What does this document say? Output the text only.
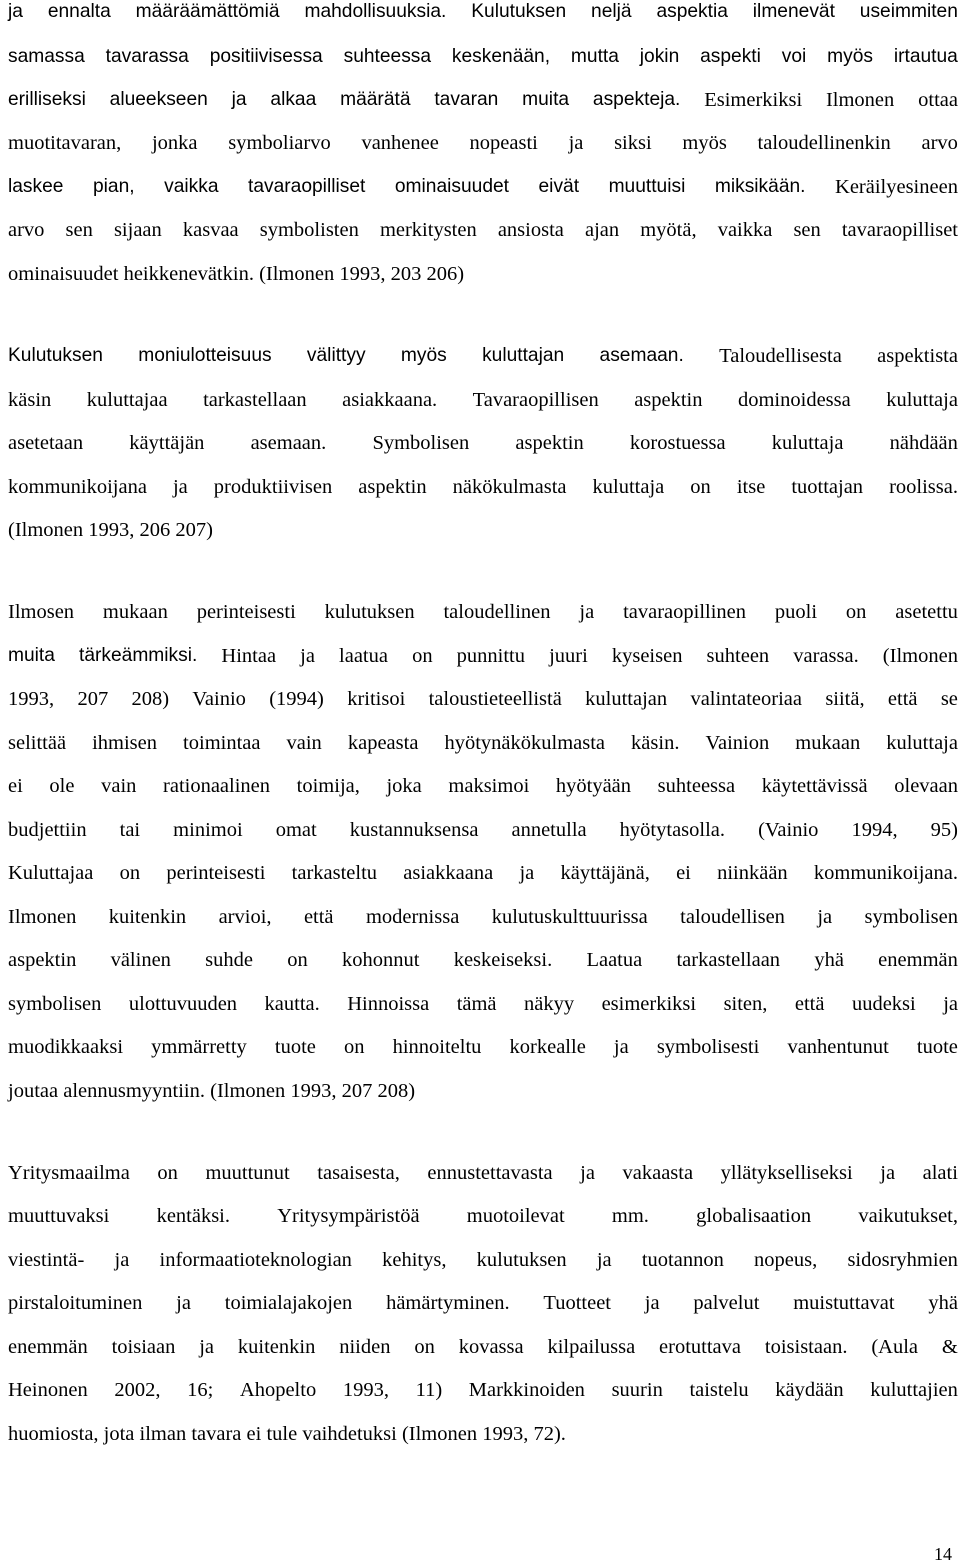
ja ennalta määräämättömiä mahdollisuuksia. Kulutuksen neljä aspektia ilmenevät useimmiten
samassa tavarassa positiivisessa suhteessa keskenään, mutta jokin aspekti voi myös irtautua
erilliseksi alueekseen ja alkaa määrätä tavaran muita aspekteja. Esimerkiksi Ilmonen ottaa
muotitavaran, jonka symboliarvo vanhenee nopeasti ja siksi myös taloudellinenkin arvo
laskee pian, vaikka tavaraopilliset ominaisuudet eivät muuttuisi miksikään. Keräilyesineen
arvo sen sijaan kasvaa symbolisten merkitysten ansiosta ajan myötä, vaikka sen tavaraopilliset
ominaisuudet heikkenevätkin. (Ilmonen 1993, 203 206)
Kulutuksen moniulotteisuus välittyy myös kuluttajan asemaan. Taloudellisesta aspektista
käsin kuluttajaa tarkastellaan asiakkaana. Tavaraopillisen aspektin dominoidessa kuluttaja
asetetaan käyttäjän asemaan. Symbolisen aspektin korostuessa kuluttaja nähdään
kommunikoijana ja produktiivisen aspektin näkökulmasta kuluttaja on itse tuottajan roolissa.
(Ilmonen 1993, 206 207)
Ilmosen mukaan perinteisesti kulutuksen taloudellinen ja tavaraopillinen puoli on asetettu
muita tärkeämmiksi. Hintaa ja laatua on punnittu juuri kyseisen suhteen varassa. (Ilmonen
1993, 207 208) Vainio (1994) kritisoi taloustieteellistä kuluttajan valintateoriaa siitä, että se
selittää ihmisen toimintaa vain kapeasta hyötynäkökulmasta käsin. Vainion mukaan kuluttaja
ei ole vain rationaalinen toimija, joka maksimoi hyötyään suhteessa käytettävissä olevaan
budjettiin tai minimoi omat kustannuksensa annetulla hyötytasolla. (Vainio 1994, 95)
Kuluttajaa on perinteisesti tarkasteltu asiakkaana ja käyttäjänä, ei niinkään kommunikoijana.
Ilmonen kuitenkin arvioi, että modernissa kulutuskulttuurissa taloudellisen ja symbolisen
aspektin välinen suhde on kohonnut keskeiseksi. Laatua tarkastellaan yhä enemmän
symbolisen ulottuvuuden kautta. Hinnoissa tämä näkyy esimerkiksi siten, että uudeksi ja
muodikkaaksi ymmärretty tuote on hinnoiteltu korkealle ja symbolisesti vanhentunut tuote
joutaa alennusmyyntiin. (Ilmonen 1993, 207 208)
Yritysmaailma on muuttunut tasaisesta, ennustettavasta ja vakaasta yllätykselliseksi ja alati
muuttuvaksi kentäksi. Yritysympäristöä muotoilevat mm. globalisaation vaikutukset,
viestintä- ja informaatioteknologian kehitys, kulutuksen ja tuotannon nopeus, sidosryhmien
pirstaloituminen ja toimialajakojen hämärtyminen. Tuotteet ja palvelut muistuttavat yhä
enemmän toisiaan ja kuitenkin niiden on kovassa kilpailussa erotuttava toisistaan. (Aula &
Heinonen 2002, 16; Ahopelto 1993, 11) Markkinoiden suurin taistelu käydään kuluttajien
huomiosta, jota ilman tavara ei tule vaihdetuksi (Ilmonen 1993, 72).
14
